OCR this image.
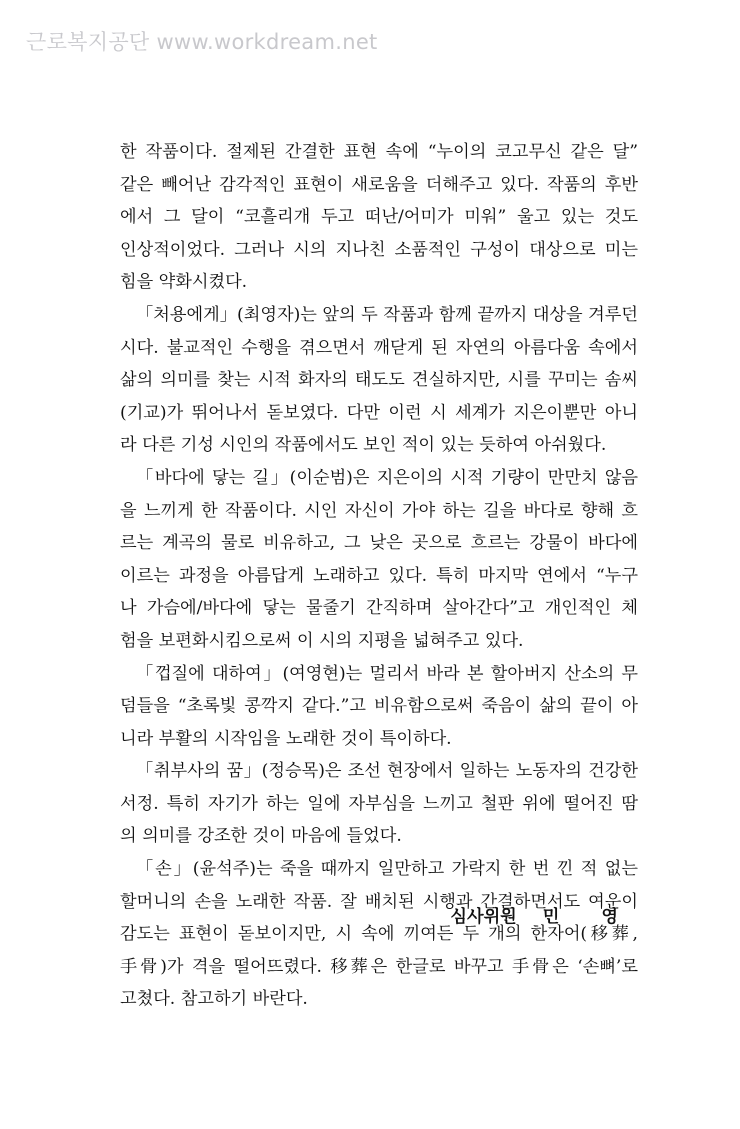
근로복지공단 www.workdream.net
한 작품이다. 절제된 간결한 표현 속에 “누이의 코고무신 같은 달”
같은 빼어난 감각적인 표현이 새로움을 더해주고 있다. 작품의 후반
에서 그 달이 “코흘리개 두고 떠난/어미가 미워” 울고 있는 것도
인상적이었다. 그러나 시의 지나친 소품적인 구성이 대상으로 미는
힘을 약화시켰다.
「처용에게」(최영자)는 앞의 두 작품과 함께 끝까지 대상을 겨루던
시다. 불교적인 수행을 겪으면서 깨닫게 된 자연의 아름다움 속에서
삶의 의미를 찾는 시적 화자의 태도도 견실하지만, 시를 꾸미는 솜씨
(기교)가 뛰어나서 돋보였다. 다만 이런 시 세계가 지은이뿐만 아니
라 다른 기성 시인의 작품에서도 보인 적이 있는 듯하여 아쉬웠다.
「바다에 닿는 길」(이순범)은 지은이의 시적 기량이 만만치 않음
을 느끼게 한 작품이다. 시인 자신이 가야 하는 길을 바다로 향해 흐
르는 계곡의 물로 비유하고, 그 낮은 곳으로 흐르는 강물이 바다에
이르는 과정을 아름답게 노래하고 있다. 특히 마지막 연에서 “누구
나 가슴에/바다에 닿는 물줄기 간직하며 살아간다”고 개인적인 체
험을 보편화시킴으로써 이 시의 지평을 넓혀주고 있다.
「껍질에 대하여」(여영현)는 멀리서 바라 본 할아버지 산소의 무
덤들을 “초록빛 콩깍지 같다.”고 비유함으로써 죽음이 삶의 끝이 아
니라 부활의 시작임을 노래한 것이 특이하다.
「취부사의 꿈」(정승목)은 조선 현장에서 일하는 노동자의 건강한
서정. 특히 자기가 하는 일에 자부심을 느끼고 철판 위에 떨어진 땀
의 의미를 강조한 것이 마음에 들었다.
「손」(윤석주)는 죽을 때까지 일만하고 가락지 한 번 낀 적 없는
할머니의 손을 노래한 작품. 잘 배치된 시행과 간결하면서도 여운이
감도는 표현이 돋보이지만, 시 속에 끼여든 두 개의 한자어(移葬,
手骨)가 격을 떨어뜨렸다. 移葬은 한글로 바꾸고 手骨은 ‘손뼈’로
고쳤다. 참고하기 바란다.
심사위원 민 영
